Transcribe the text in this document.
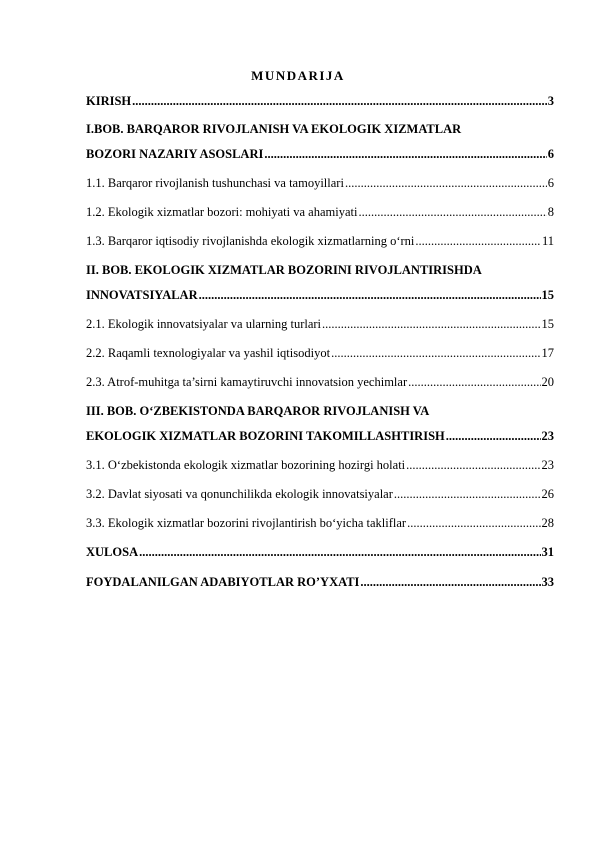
MUNDARIJA
KIRISH .....	3
I.BOB. BARQAROR RIVOJLANISH VA EKOLOGIK XIZMATLAR
BOZORI NAZARIY ASOSLARI .....	6
1.1. Barqaror rivojlanish tushunchasi va tamoyillari .....	6
1.2. Ekologik xizmatlar bozori: mohiyati va ahamiyati .....	8
1.3. Barqaror iqtisodiy rivojlanishda ekologik xizmatlarning o‘rni .....	11
II. BOB. EKOLOGIK XIZMATLAR BOZORINI RIVOJLANTIRISHDA
INNOVATSIYALAR .....	15
2.1. Ekologik innovatsiyalar va ularning turlari .....	15
2.2. Raqamli texnologiyalar va yashil iqtisodiyot .....	17
2.3. Atrof-muhitga ta’sirni kamaytiruvchi innovatsion yechimlar .....	20
III. BOB. O‘ZBEKISTONDA BARQAROR RIVOJLANISH VA
EKOLOGIK XIZMATLAR BOZORINI TAKOMILLASHTIRISH .....	23
3.1. O‘zbekistonda ekologik xizmatlar bozorining hozirgi holati .....	23
3.2. Davlat siyosati va qonunchilikda ekologik innovatsiyalar .....	26
3.3. Ekologik xizmatlar bozorini rivojlantirish bo‘yicha takliflar .....	28
XULOSA .....	31
FOYDALANILGAN ADABIYOTLAR RO’YXATI .....	33
